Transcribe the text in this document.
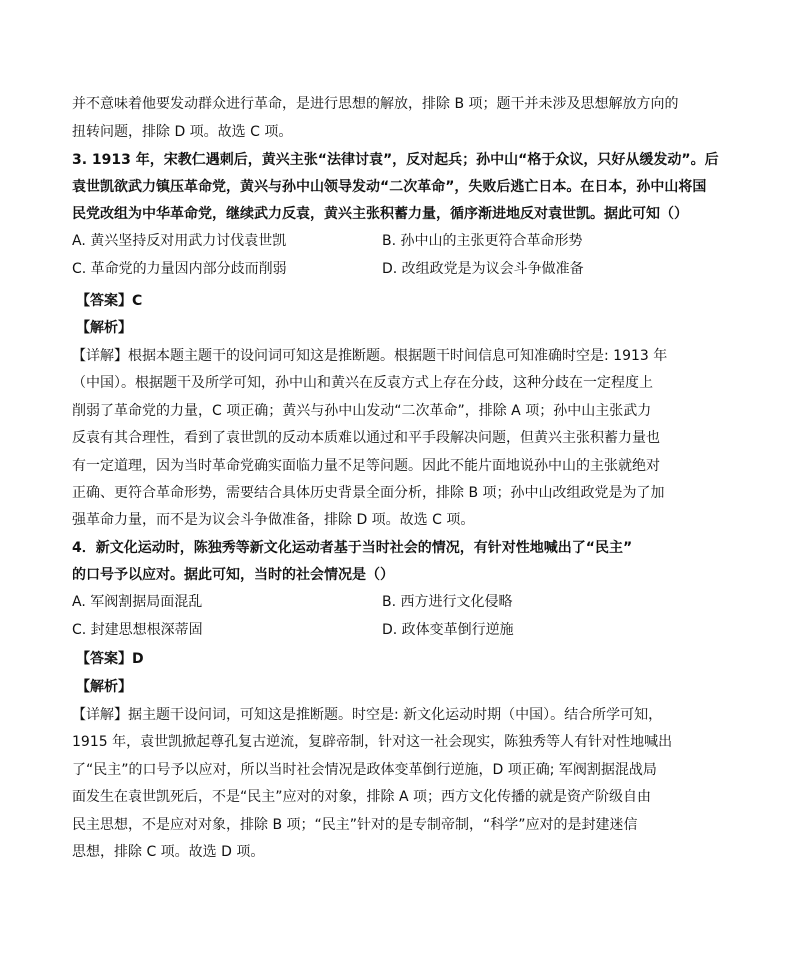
并不意味着他要发动群众进行革命，是进行思想的解放，排除 B 项；题干并未涉及思想解放方向的
扭转问题，排除 D 项。故选 C 项。
3. 1913 年，宋教仁遇刺后，黄兴主张“法律讨袁”，反对起兵；孙中山“格于众议，只好从缓发动”。后
袁世凯欲武力镇压革命党，黄兴与孙中山领导发动“二次革命”，失败后逃亡日本。在日本，孙中山将国
民党改组为中华革命党，继续武力反袁，黄兴主张积蓄力量，循序渐进地反对袁世凯。据此可知（）
A. 黄兴坚持反对用武力讨伐袁世凯	B. 孙中山的主张更符合革命形势
C. 革命党的力量因内部分歧而削弱	D. 改组政党是为议会斗争做准备
【答案】C
【解析】
【详解】根据本题主题干的设问词可知这是推断题。根据题干时间信息可知准确时空是: 1913 年
（中国）。根据题干及所学可知，孙中山和黄兴在反袁方式上存在分歧，这种分歧在一定程度上
削弱了革命党的力量，C 项正确；黄兴与孙中山发动“二次革命”，排除 A 项；孙中山主张武力
反袁有其合理性，看到了袁世凯的反动本质难以通过和平手段解决问题，但黄兴主张积蓄力量也
有一定道理，因为当时革命党确实面临力量不足等问题。因此不能片面地说孙中山的主张就绝对
正确、更符合革命形势，需要结合具体历史背景全面分析，排除 B 项；孙中山改组政党是为了加
强革命力量，而不是为议会斗争做准备，排除 D 项。故选 C 项。
4．新文化运动时，陈独秀等新文化运动者基于当时社会的情况，有针对性地喊出了“民主”
的口号予以应对。据此可知，当时的社会情况是（）
A. 军阀割据局面混乱	B. 西方进行文化侵略
C. 封建思想根深蒂固	D. 政体变革倒行逆施
【答案】D
【解析】
【详解】据主题干设问词，可知这是推断题。时空是: 新文化运动时期（中国）。结合所学可知，
1915 年，袁世凯掀起尊孔复古逆流，复辟帝制，针对这一社会现实，陈独秀等人有针对性地喊出
了“民主”的口号予以应对，所以当时社会情况是政体变革倒行逆施，D 项正确; 军阀割据混战局
面发生在袁世凯死后，不是“民主”应对的对象，排除 A 项；西方文化传播的就是资产阶级自由
民主思想，不是应对对象，排除 B 项；“民主”针对的是专制帝制，“科学”应对的是封建迷信
思想，排除 C 项。故选 D 项。
